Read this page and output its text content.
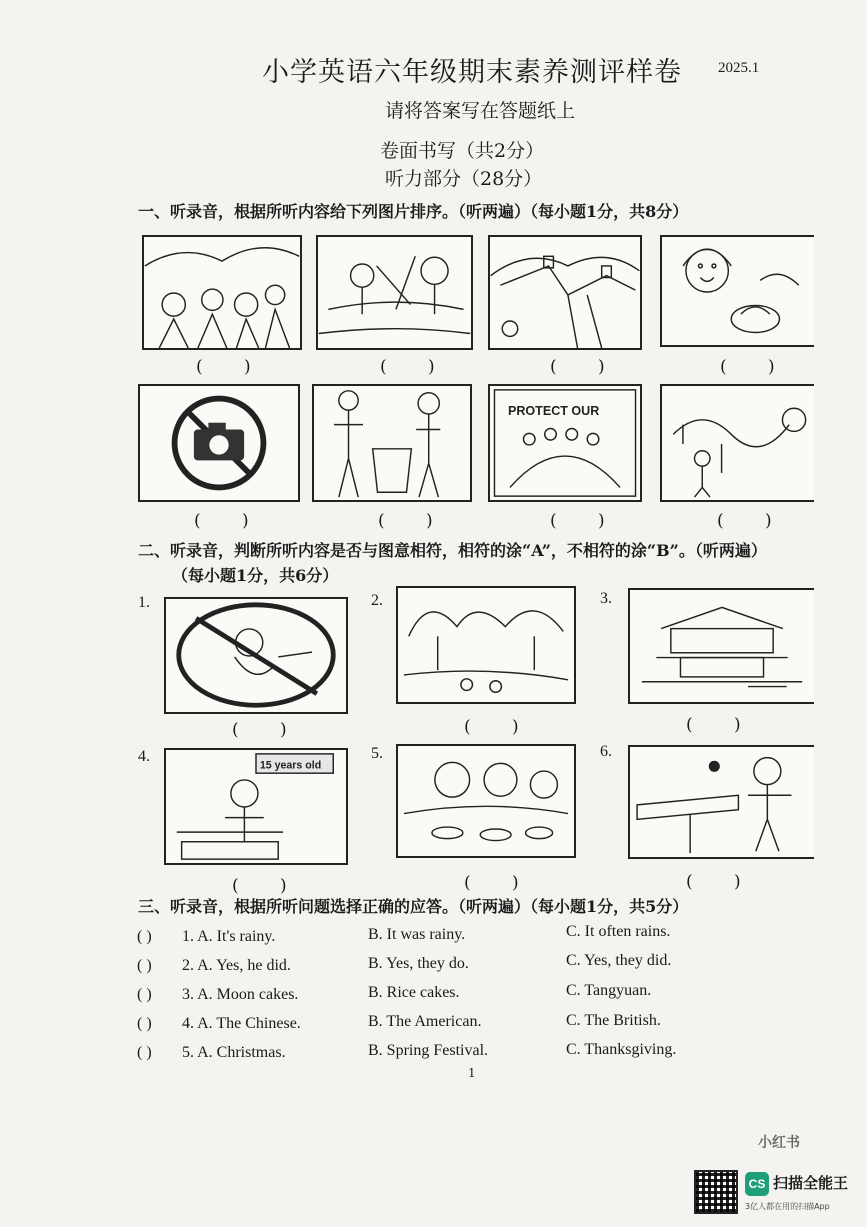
小学英语六年级期末素养测评样卷 2025.1
请将答案写在答题纸上
卷面书写（共2分）
听力部分（28分）
一、听录音，根据所听内容给下列图片排序。（听两遍）（每小题1分，共8分）
( )	( )	( )	( )
PROTECT OUR
( )	( )	( )	( )
二、听录音，判断所听内容是否与图意相符，相符的涂“A”，不相符的涂“B”。（听两遍）
（每小题1分，共6分）
1.	2.	3.
( )	( )	( )
4.	5.	6.
15 years old
( )	( )	( )
三、听录音，根据所听问题选择正确的应答。（听两遍）（每小题1分，共5分）
( ) 1. A. It's rainy.	B. It was rainy.	C. It often rains.
( ) 2. A. Yes, he did.	B. Yes, they do.	C. Yes, they did.
( ) 3. A. Moon cakes.	B. Rice cakes.	C. Tangyuan.
( ) 4. A. The Chinese.	B. The American.	C. The British.
( ) 5. A. Christmas.	B. Spring Festival.	C. Thanksgiving.
1
小红书
CS 扫描全能王
3亿人都在用的扫描App
